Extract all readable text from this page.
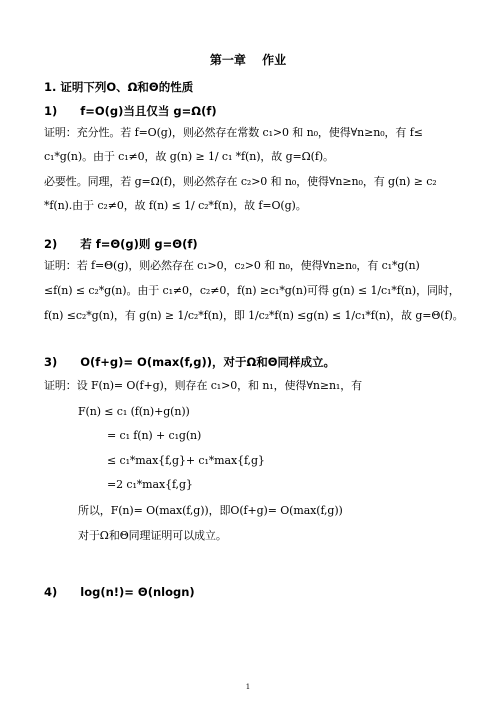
第一章　 作业
1. 证明下列Ο、Ω和Θ的性质
1)　　f=Ο(g)当且仅当 g=Ω(f)
证明：充分性。若 f=Ο(g)，则必然存在常数 c₁>0 和 n₀，使得∀n≥n₀，有 f≤
c₁*g(n)。由于 c₁≠0，故 g(n) ≥ 1/ c₁ *f(n)，故 g=Ω(f)。
必要性。同理，若 g=Ω(f)，则必然存在 c₂>0 和 n₀，使得∀n≥n₀，有 g(n) ≥ c₂
*f(n).由于 c₂≠0，故 f(n) ≤ 1/ c₂*f(n)，故 f=Ο(g)。
2)　　若 f=Θ(g)则 g=Θ(f)
证明：若 f=Θ(g)，则必然存在 c₁>0，c₂>0 和 n₀，使得∀n≥n₀，有 c₁*g(n)
≤f(n) ≤ c₂*g(n)。由于 c₁≠0，c₂≠0，f(n) ≥c₁*g(n)可得 g(n) ≤ 1/c₁*f(n)，同时，
f(n) ≤c₂*g(n)，有 g(n) ≥ 1/c₂*f(n)，即 1/c₂*f(n) ≤g(n) ≤ 1/c₁*f(n)，故 g=Θ(f)。
3)　　Ο(f+g)= Ο(max(f,g))，对于Ω和Θ同样成立。
证明：设 F(n)= Ο(f+g)，则存在 c₁>0，和 n₁，使得∀n≥n₁，有
F(n) ≤ c₁ (f(n)+g(n))
= c₁ f(n) + c₁g(n)
≤ c₁*max{f,g}+ c₁*max{f,g}
=2 c₁*max{f,g}
所以，F(n)= Ο(max(f,g))，即Ο(f+g)= Ο(max(f,g))
对于Ω和Θ同理证明可以成立。
4)　　log(n!)= Θ(nlogn)
1
